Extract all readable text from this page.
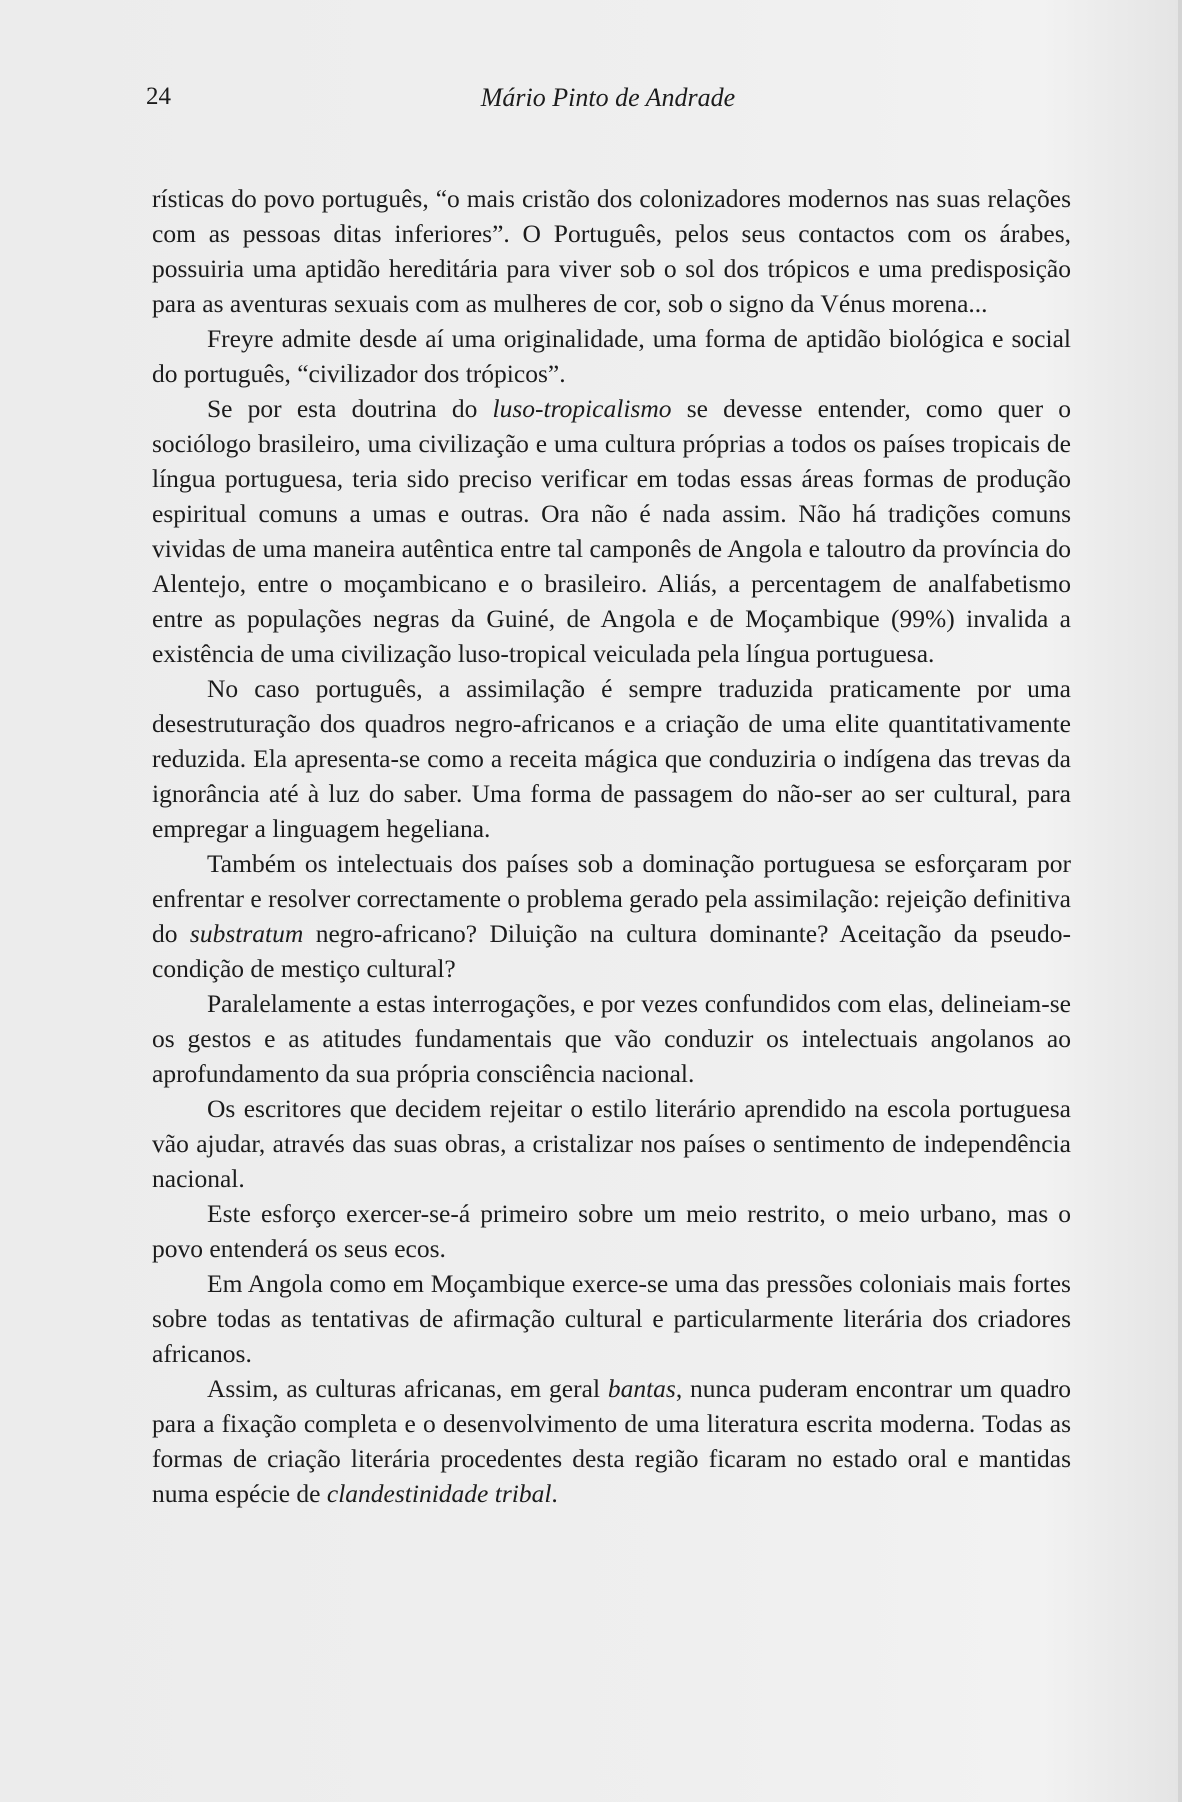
24	Mário Pinto de Andrade

rísticas do povo português, “o mais cristão dos colonizadores modernos nas suas relações com as pessoas ditas inferiores”. O Português, pelos seus contactos com os árabes, possuiria uma aptidão hereditária para viver sob o sol dos trópicos e uma predisposição para as aventuras sexuais com as mulheres de cor, sob o signo da Vénus morena...

Freyre admite desde aí uma originalidade, uma forma de aptidão biológica e social do português, “civilizador dos trópicos”.

Se por esta doutrina do luso-tropicalismo se devesse entender, como quer o sociólogo brasileiro, uma civilização e uma cultura próprias a todos os países tropicais de língua portuguesa, teria sido preciso verificar em todas essas áreas formas de produção espiritual comuns a umas e outras. Ora não é nada assim. Não há tradições comuns vividas de uma maneira autêntica entre tal camponês de Angola e taloutro da província do Alentejo, entre o moçambicano e o brasileiro. Aliás, a percentagem de analfabetismo entre as populações negras da Guiné, de Angola e de Moçambique (99%) invalida a existência de uma civilização luso-tropical veiculada pela língua portuguesa.

No caso português, a assimilação é sempre traduzida praticamente por uma desestruturação dos quadros negro-africanos e a criação de uma elite quantitativamente reduzida. Ela apresenta-se como a receita mágica que conduziria o indígena das trevas da ignorância até à luz do saber. Uma forma de passagem do não-ser ao ser cultural, para empregar a linguagem hegeliana.

Também os intelectuais dos países sob a dominação portuguesa se esforçaram por enfrentar e resolver correctamente o problema gerado pela assimilação: rejeição definitiva do substratum negro-africano? Diluição na cultura dominante? Aceitação da pseudo-condição de mestiço cultural?

Paralelamente a estas interrogações, e por vezes confundidos com elas, delineiam-se os gestos e as atitudes fundamentais que vão conduzir os intelectuais angolanos ao aprofundamento da sua própria consciência nacional.

Os escritores que decidem rejeitar o estilo literário aprendido na escola portuguesa vão ajudar, através das suas obras, a cristalizar nos países o sentimento de independência nacional.

Este esforço exercer-se-á primeiro sobre um meio restrito, o meio urbano, mas o povo entenderá os seus ecos.

Em Angola como em Moçambique exerce-se uma das pressões coloniais mais fortes sobre todas as tentativas de afirmação cultural e particularmente literária dos criadores africanos.

Assim, as culturas africanas, em geral bantas, nunca puderam encontrar um quadro para a fixação completa e o desenvolvimento de uma literatura escrita moderna. Todas as formas de criação literária procedentes desta região ficaram no estado oral e mantidas numa espécie de clandestinidade tribal.
